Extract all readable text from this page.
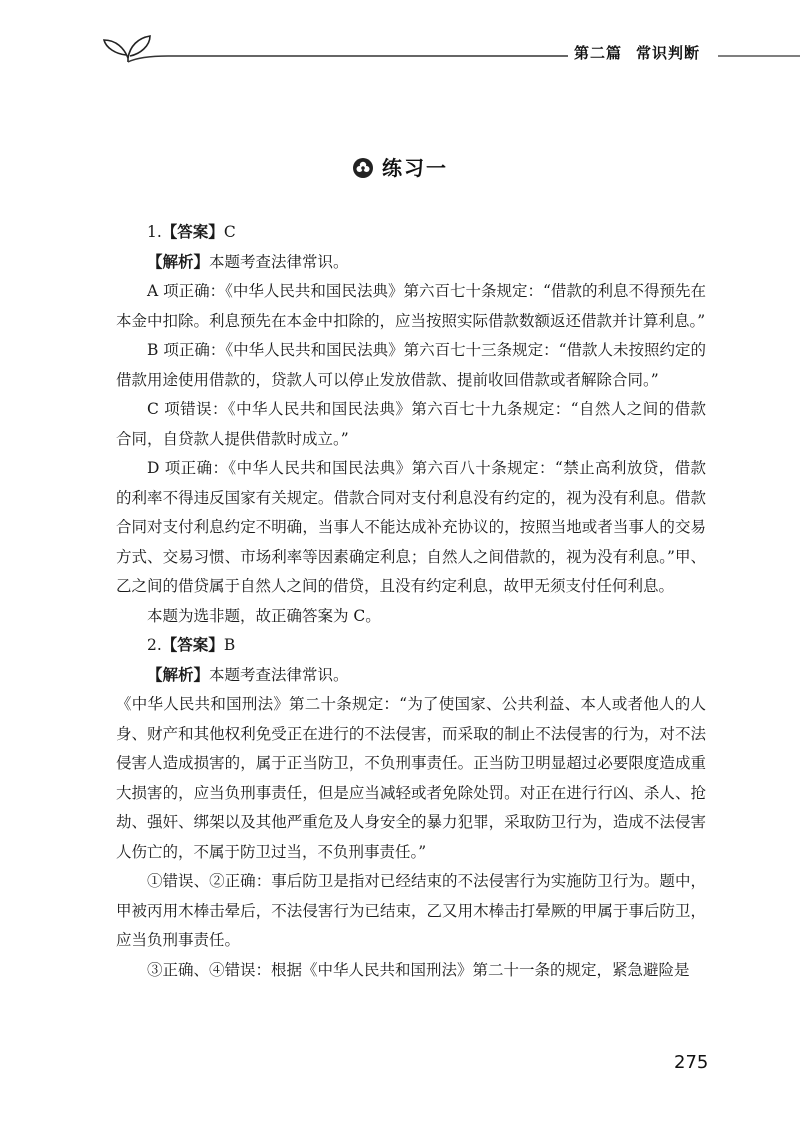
第二篇 常识判断
练习一

1.【答案】C

【解析】本题考查法律常识。

A 项正确：《中华人民共和国民法典》第六百七十条规定：“借款的利息不得预先在本金中扣除。利息预先在本金中扣除的，应当按照实际借款数额返还借款并计算利息。”

B 项正确：《中华人民共和国民法典》第六百七十三条规定：“借款人未按照约定的借款用途使用借款的，贷款人可以停止发放借款、提前收回借款或者解除合同。”

C 项错误：《中华人民共和国民法典》第六百七十九条规定：“自然人之间的借款合同，自贷款人提供借款时成立。”

D 项正确：《中华人民共和国民法典》第六百八十条规定：“禁止高利放贷，借款的利率不得违反国家有关规定。借款合同对支付利息没有约定的，视为没有利息。借款合同对支付利息约定不明确，当事人不能达成补充协议的，按照当地或者当事人的交易方式、交易习惯、市场利率等因素确定利息；自然人之间借款的，视为没有利息。”甲、乙之间的借贷属于自然人之间的借贷，且没有约定利息，故甲无须支付任何利息。

本题为选非题，故正确答案为 C。

2.【答案】B

【解析】本题考查法律常识。

《中华人民共和国刑法》第二十条规定：“为了使国家、公共利益、本人或者他人的人身、财产和其他权利免受正在进行的不法侵害，而采取的制止不法侵害的行为，对不法侵害人造成损害的，属于正当防卫，不负刑事责任。正当防卫明显超过必要限度造成重大损害的，应当负刑事责任，但是应当减轻或者免除处罚。对正在进行行凶、杀人、抢劫、强奸、绑架以及其他严重危及人身安全的暴力犯罪，采取防卫行为，造成不法侵害人伤亡的，不属于防卫过当，不负刑事责任。”

①错误、②正确：事后防卫是指对已经结束的不法侵害行为实施防卫行为。题中，甲被丙用木棒击晕后，不法侵害行为已结束，乙又用木棒击打晕厥的甲属于事后防卫，应当负刑事责任。

③正确、④错误：根据《中华人民共和国刑法》第二十一条的规定，紧急避险是

275
